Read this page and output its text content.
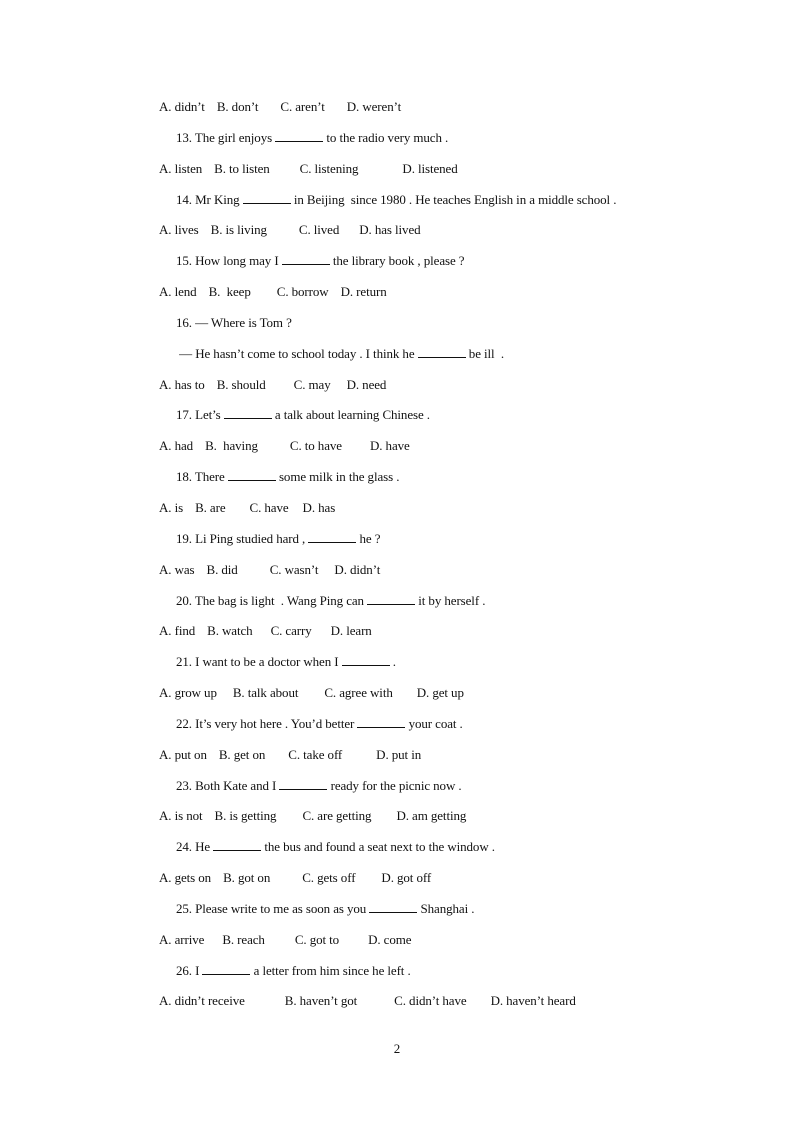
A. didn’t B. don’t C. aren’t D. weren’t
13. The girl enjoys	to the radio very much .
A. listen B. to listen C. listening	D. listened
14. Mr King	in Beijing  since 1980 . He teaches English in a middle school .
A. lives B. is living C. lived D. has lived
15. How long may I	the library book , please ?
A. lend B.  keep C. borrow D. return
16. — Where is Tom ?
— He hasn’t come to school today . I think he	be ill  .
A. has to B. should C. may D. need
17. Let’s	a talk about learning Chinese .
A. had B.  having C. to have D. have
18. There	some milk in the glass .
A. is B. are C. have D. has
19. Li Ping studied hard ,	he ?
A. was B. did C. wasn’t D. didn’t
20. The bag is light  . Wang Ping can	it by herself .
A. find B. watch C. carry D. learn
21. I want to be a doctor when I	.
A. grow up B. talk about C. agree with D. get up
22. It’s very hot here . You’d better	your coat .
A. put on B. get on C. take off	D. put in
23. Both Kate and I	ready for the picnic now .
A. is not B. is getting C. are getting D. am getting
24. He	the bus and found a seat next to the window .
A. gets on B. got on C. gets off D. got off
25. Please write to me as soon as you	Shanghai .
A. arrive B. reach C. got to D. come
26. I	a letter from him since he left .
A. didn’t receive	B. haven’t got	C. didn’t have D. haven’t heard
2
